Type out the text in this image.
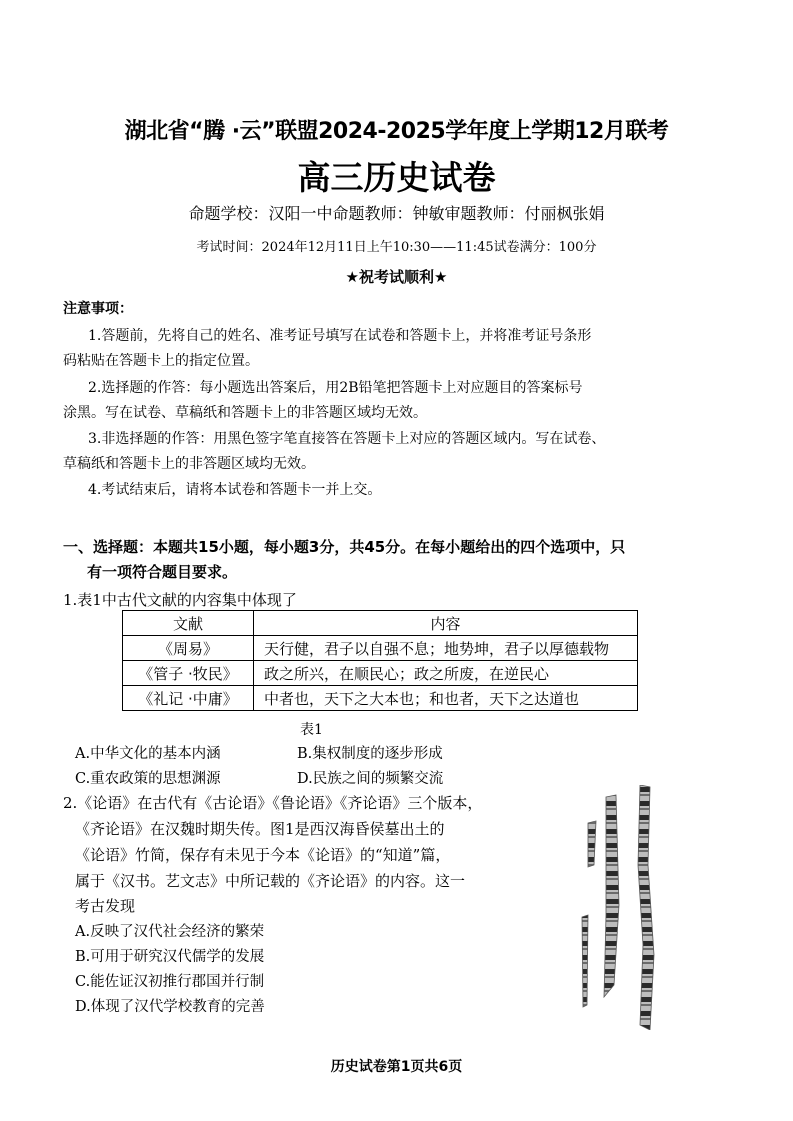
湖北省“腾 ·云”联盟2024-2025学年度上学期12月联考
高三历史试卷
命题学校：汉阳一中命题教师：钟敏审题教师：付丽枫张娟
考试时间：2024年12月11日上午10:30——11:45试卷满分：100分
★祝考试顺利★
注意事项：
1.答题前，先将自己的姓名、准考证号填写在试卷和答题卡上，并将准考证号条形
码粘贴在答题卡上的指定位置。
2.选择题的作答：每小题选出答案后，用2B铅笔把答题卡上对应题目的答案标号
涂黑。写在试卷、草稿纸和答题卡上的非答题区域均无效。
3.非选择题的作答：用黑色签字笔直接答在答题卡上对应的答题区域内。写在试卷、
草稿纸和答题卡上的非答题区域均无效。
4.考试结束后，请将本试卷和答题卡一并上交。
一、选择题：本题共15小题，每小题3分，共45分。在每小题给出的四个选项中，只
有一项符合题目要求。
1.表1中古代文献的内容集中体现了
文献	内容
《周易》	天行健，君子以自强不息；地势坤，君子以厚德载物
《管子 ·牧民》	政之所兴，在顺民心；政之所废，在逆民心
《礼记 ·中庸》	中者也，天下之大本也；和也者，天下之达道也
表1
A.中华文化的基本内涵	B.集权制度的逐步形成
C.重农政策的思想渊源	D.民族之间的频繁交流
2.《论语》在古代有《古论语》《鲁论语》《齐论语》三个版本，
《齐论语》在汉魏时期失传。图1是西汉海昏侯墓出土的
《论语》竹简，保存有未见于今本《论语》的“知道”篇，
属于《汉书。艺文志》中所记载的《齐论语》的内容。这一
考古发现
A.反映了汉代社会经济的繁荣
B.可用于研究汉代儒学的发展
C.能佐证汉初推行郡国并行制
D.体现了汉代学校教育的完善
历史试卷第1页共6页
